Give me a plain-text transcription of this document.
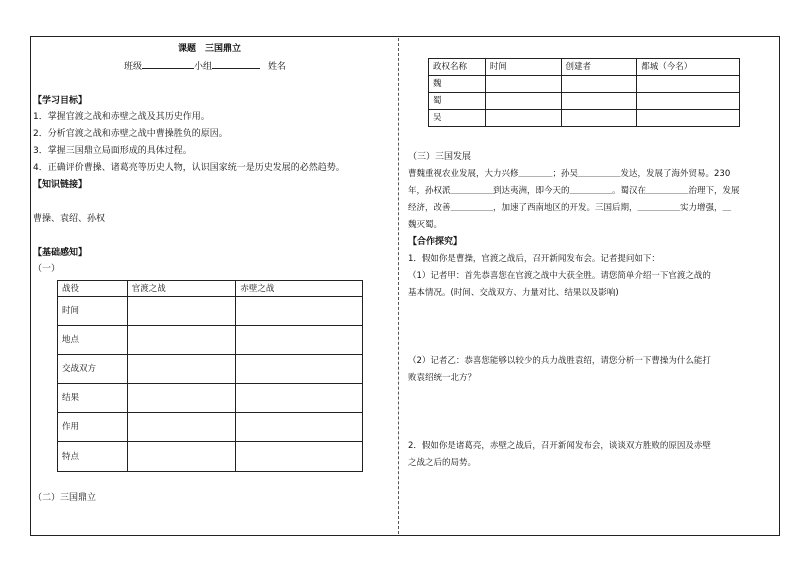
课题　三国鼎立
班级	小组	姓名
【学习目标】
1．掌握官渡之战和赤壁之战及其历史作用。
2．分析官渡之战和赤壁之战中曹操胜负的原因。
3．掌握三国鼎立局面形成的具体过程。
4．正确评价曹操、诸葛亮等历史人物，认识国家统一是历史发展的必然趋势。
【知识链接】
曹操、袁绍、孙权
【基础感知】
（一）
战役	官渡之战	赤壁之战
时间		
地点		
交战双方		
结果		
作用		
特点		
（二）三国鼎立
政权名称	时间	创建者	都城（今名）
魏			
蜀			
吴			
（三）三国发展
曹魏重视农业发展，大力兴修＿＿＿＿；孙吴＿＿＿＿＿发达，发展了海外贸易。230
年，孙权派＿＿＿＿＿到达夷洲，即今天的＿＿＿＿＿。蜀汉在＿＿＿＿＿治理下，发展
经济，改善＿＿＿＿＿，加速了西南地区的开发。三国后期，＿＿＿＿＿实力增强，＿
魏灭蜀。
【合作探究】
1．假如你是曹操，官渡之战后，召开新闻发布会。记者提问如下：
（1）记者甲：首先恭喜您在官渡之战中大获全胜。请您简单介绍一下官渡之战的
基本情况。(时间、交战双方、力量对比、结果以及影响)
（2）记者乙：恭喜您能够以较少的兵力战胜袁绍，请您分析一下曹操为什么能打
败袁绍统一北方？
2．假如你是诸葛亮，赤壁之战后，召开新闻发布会，谈谈双方胜败的原因及赤壁
之战之后的局势。
